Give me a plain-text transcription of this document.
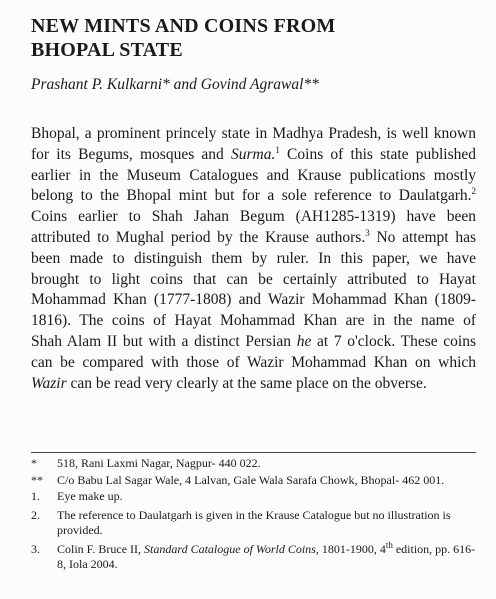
NEW MINTS AND COINS FROM
BHOPAL STATE
Prashant P. Kulkarni* and Govind Agrawal**
Bhopal, a prominent princely state in Madhya Pradesh, is well known
for its Begums, mosques and Surma.$^1$ Coins of this state published
earlier in the Museum Catalogues and Krause publications mostly
belong to the Bhopal mint but for a sole reference to Daulatgarh.$^2$
Coins earlier to Shah Jahan Begum (AH1285-1319) have been
attributed to Mughal period by the Krause authors.$^3$ No attempt has
been made to distinguish them by ruler. In this paper, we have
brought to light coins that can be certainly attributed to Hayat
Mohammad Khan (1777-1808) and Wazir Mohammad Khan (1809-
1816). The coins of Hayat Mohammad Khan are in the name of
Shah Alam II but with a distinct Persian he at 7 o'clock. These coins
can be compared with those of Wazir Mohammad Khan on which
Wazir can be read very clearly at the same place on the obverse.
*	518, Rani Laxmi Nagar, Nagpur- 440 022.
**	C/o Babu Lal Sagar Wale, 4 Lalvan, Gale Wala Sarafa Chowk, Bhopal- 462 001.
1.	Eye make up.
2.	The reference to Daulatgarh is given in the Krause Catalogue but no illustration is provided.
3.	Colin F. Bruce II, Standard Catalogue of World Coins, 1801-1900, 4th edition, pp. 616-8, Iola 2004.
